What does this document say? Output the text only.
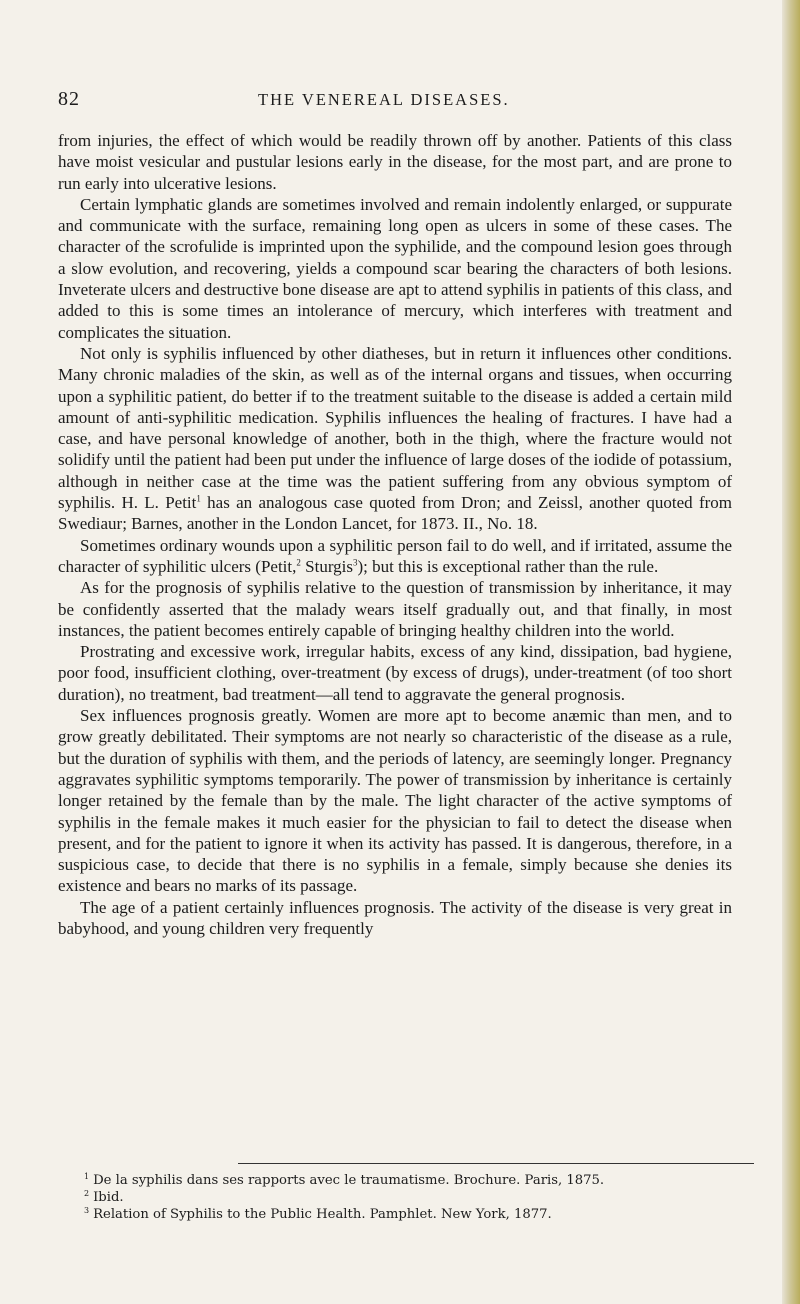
82	THE VENEREAL DISEASES.

from injuries, the effect of which would be readily thrown off by another. Patients of this class have moist vesicular and pustular lesions early in the disease, for the most part, and are prone to run early into ulcerative lesions.

Certain lymphatic glands are sometimes involved and remain indolently enlarged, or suppurate and communicate with the surface, remaining long open as ulcers in some of these cases. The character of the scrofulide is imprinted upon the syphilide, and the compound lesion goes through a slow evolution, and recovering, yields a compound scar bearing the characters of both lesions. Inveterate ulcers and destructive bone disease are apt to attend syphilis in patients of this class, and added to this is some times an intolerance of mercury, which interferes with treatment and complicates the situation.

Not only is syphilis influenced by other diatheses, but in return it influences other conditions. Many chronic maladies of the skin, as well as of the internal organs and tissues, when occurring upon a syphilitic patient, do better if to the treatment suitable to the disease is added a certain mild amount of anti-syphilitic medication. Syphilis influences the healing of fractures. I have had a case, and have personal knowledge of another, both in the thigh, where the fracture would not solidify until the patient had been put under the influence of large doses of the iodide of potassium, although in neither case at the time was the patient suffering from any obvious symptom of syphilis. H. L. Petit$^1$ has an analogous case quoted from Dron; and Zeissl, another quoted from Swediaur; Barnes, another in the London Lancet, for 1873. II., No. 18.

Sometimes ordinary wounds upon a syphilitic person fail to do well, and if irritated, assume the character of syphilitic ulcers (Petit,$^2$ Sturgis$^3$); but this is exceptional rather than the rule.

As for the prognosis of syphilis relative to the question of transmission by inheritance, it may be confidently asserted that the malady wears itself gradually out, and that finally, in most instances, the patient becomes entirely capable of bringing healthy children into the world.

Prostrating and excessive work, irregular habits, excess of any kind, dissipation, bad hygiene, poor food, insufficient clothing, over-treatment (by excess of drugs), under-treatment (of too short duration), no treatment, bad treatment—all tend to aggravate the general prognosis.

Sex influences prognosis greatly. Women are more apt to become anæmic than men, and to grow greatly debilitated. Their symptoms are not nearly so characteristic of the disease as a rule, but the duration of syphilis with them, and the periods of latency, are seemingly longer. Pregnancy aggravates syphilitic symptoms temporarily. The power of transmission by inheritance is certainly longer retained by the female than by the male. The light character of the active symptoms of syphilis in the female makes it much easier for the physician to fail to detect the disease when present, and for the patient to ignore it when its activity has passed. It is dangerous, therefore, in a suspicious case, to decide that there is no syphilis in a female, simply because she denies its existence and bears no marks of its passage.

The age of a patient certainly influences prognosis. The activity of the disease is very great in babyhood, and young children very frequently

$^1$ De la syphilis dans ses rapports avec le traumatisme. Brochure. Paris, 1875.

$^2$ Ibid.

$^3$ Relation of Syphilis to the Public Health. Pamphlet. New York, 1877.
